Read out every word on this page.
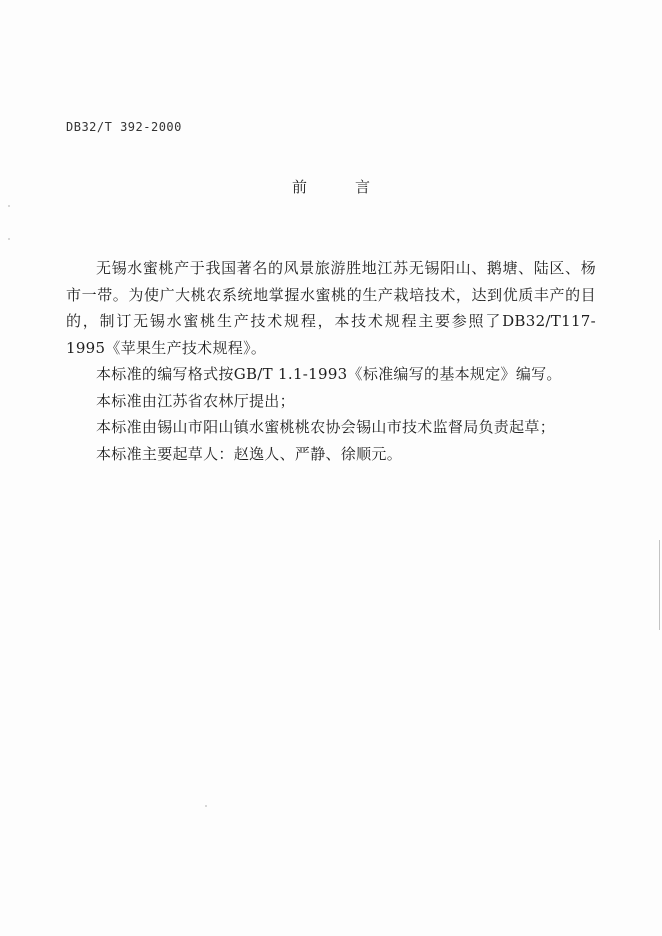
DB32/T 392-2000
前	言

无锡水蜜桃产于我国著名的风景旅游胜地江苏无锡阳山、鹅塘、陆区、杨市一带。为使广大桃农系统地掌握水蜜桃的生产栽培技术，达到优质丰产的目的，制订无锡水蜜桃生产技术规程，本技术规程主要参照了DB32/T117-1995《苹果生产技术规程》。

本标准的编写格式按GB/T 1.1-1993《标准编写的基本规定》编写。

本标准由江苏省农林厅提出；

本标准由锡山市阳山镇水蜜桃桃农协会锡山市技术监督局负责起草；

本标准主要起草人：赵逸人、严静、徐顺元。
